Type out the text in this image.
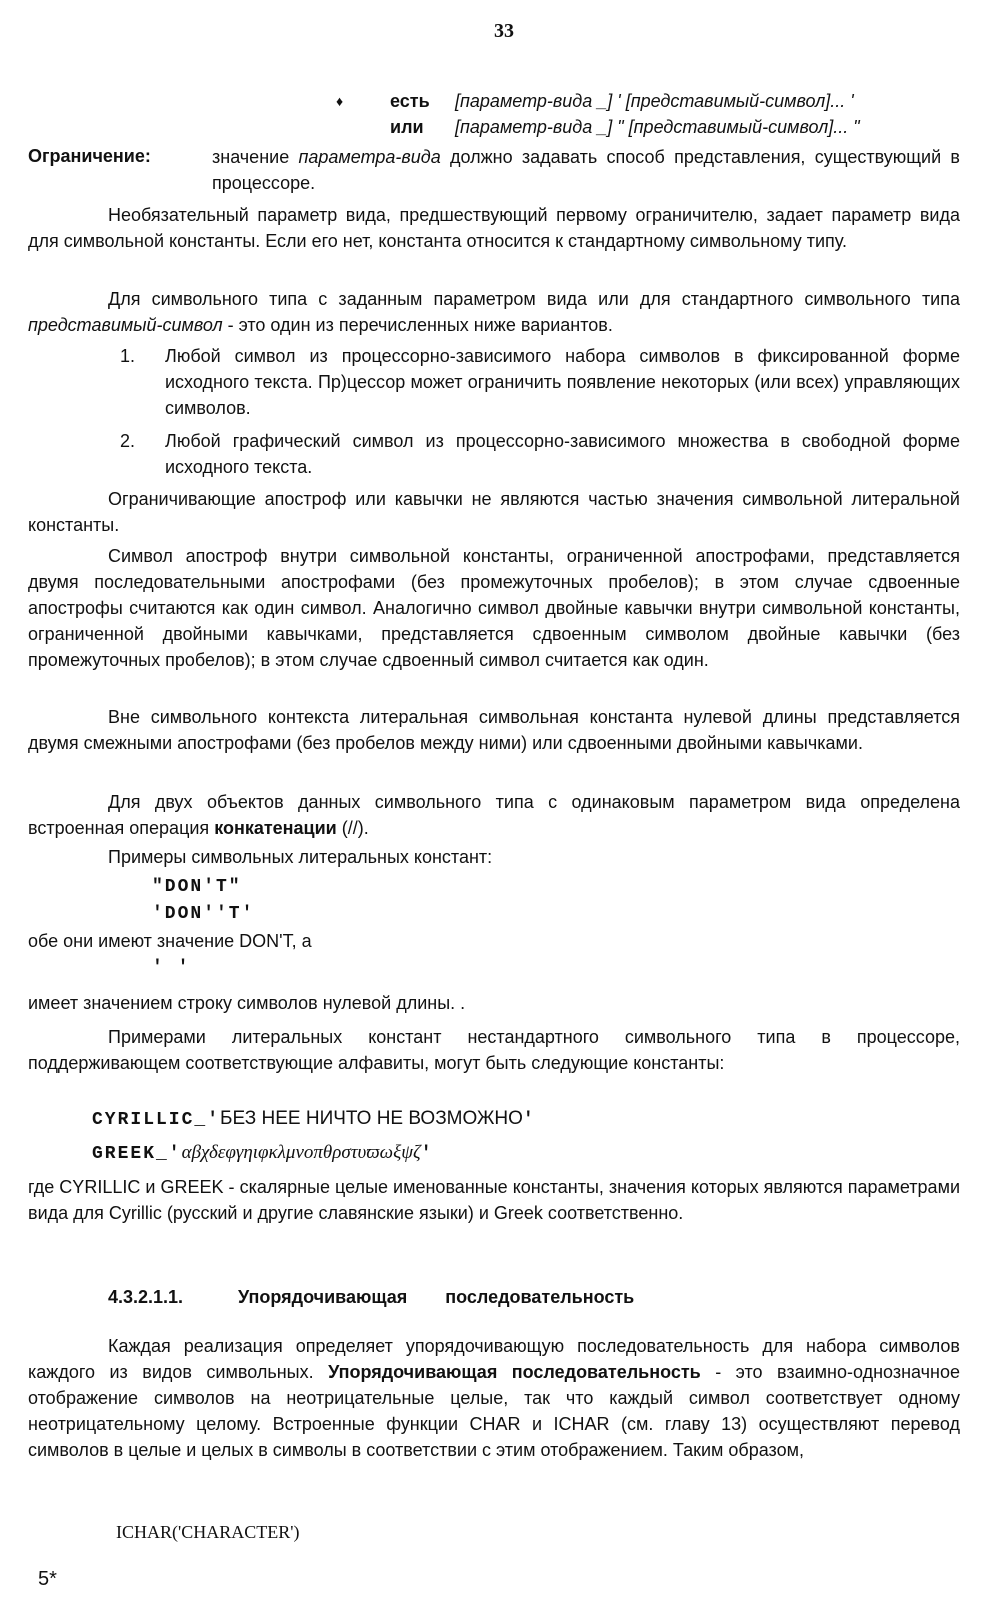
33
♦	есть	[параметр-вида _] ' [представимый-символ]... '
или	[параметр-вида _] " [представимый-символ]... "
Ограничение:	значение параметра-вида должно задавать способ представления, существующий в процессоре.
Необязательный параметр вида, предшествующий первому ограничителю, задает параметр вида для символьной константы. Если его нет, константа относится к стандартному символьному типу.
Для символьного типа с заданным параметром вида или для стандартного символьного типа представимый-символ - это один из перечисленных ниже вариантов.
1. Любой символ из процессорно-зависимого набора символов в фиксированной форме исходного текста. Пр)цессор может ограничить появление некоторых (или всех) управляющих символов.
2. Любой графический символ из процессорно-зависимого множества в свободной форме исходного текста.
Ограничивающие апостроф или кавычки не являются частью значения символьной литеральной константы.
Символ апостроф внутри символьной константы, ограниченной апострофами, представляется двумя последовательными апострофами (без промежуточных пробелов); в этом случае сдвоенные апострофы считаются как один символ. Аналогично символ двойные кавычки внутри символьной константы, ограниченной двойными кавычками, представляется сдвоенным символом двойные кавычки (без промежуточных пробелов); в этом случае сдвоенный символ считается как один.
Вне символьного контекста литеральная символьная константа нулевой длины представляется двумя смежными апострофами (без пробелов между ними) или сдвоенными двойными кавычками.
Для двух объектов данных символьного типа с одинаковым параметром вида определена встроенная операция конкатенации (//).
Примеры символьных литеральных констант:
"DON'T"
'DON''T'
обе они имеют значение DON'T, а
' '
имеет значением строку символов нулевой длины. .
Примерами литеральных констант нестандартного символьного типа в процессоре, поддерживающем соответствующие алфавиты, могут быть следующие константы:
CYRILLIC_'БЕЗ НЕЕ НИЧТО НЕ ВОЗМОЖНО'
GREEK_'αβχδεφγηιφκλμνοπθρστυϖωξψζ'
где CYRILLIC и GREEK - скалярные целые именованные константы, значения которых являются параметрами вида для Cyrillic (русский и другие славянские языки) и Greek соответственно.
4.3.2.1.1.	Упорядочивающая последовательность
Каждая реализация определяет упорядочивающую последовательность для набора символов каждого из видов символьных. Упорядочивающая последовательность - это взаимно-однозначное отображение символов на неотрицательные целые, так что каждый символ соответствует одному неотрицательному целому. Встроенные функции CHAR и ICHAR (см. главу 13) осуществляют перевод символов в целые и целых в символы в соответствии с этим отображением. Таким образом,
ICHAR('CHARACTER')
5*
